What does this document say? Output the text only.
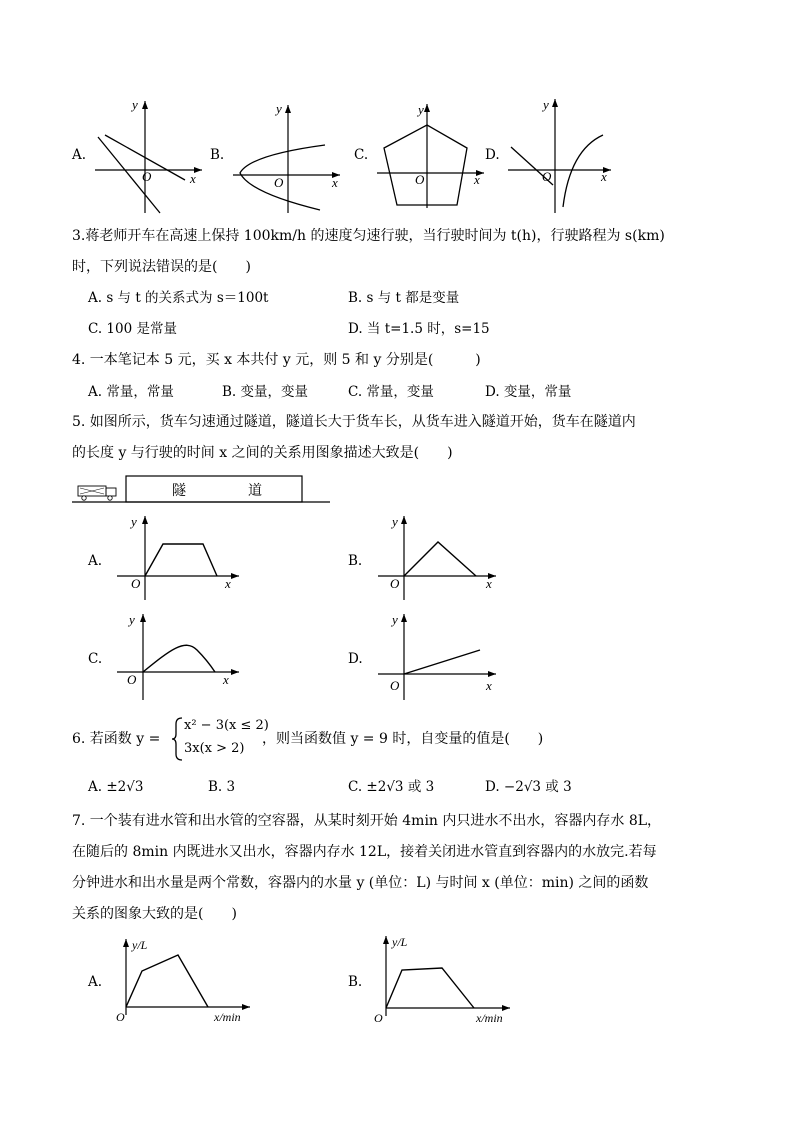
A.
y
x
O
B.
y
x
O
C.
y
x
O
D.
y
x
O
3.蒋老师开车在高速上保持 100km/h 的速度匀速行驶，当行驶时间为 t(h)，行驶路程为 s(km)
时，下列说法错误的是(　　)
A. s 与 t 的关系式为 s＝100t	B. s 与 t 都是变量
C. 100 是常量	D. 当 t=1.5 时，s=15
4. 一本笔记本 5 元，买 x 本共付 y 元，则 5 和 y 分别是(　　　)
A. 常量，常量	B. 变量，变量	C. 常量，变量	D. 变量，常量
5. 如图所示，货车匀速通过隧道，隧道长大于货车长，从货车进入隧道开始，货车在隧道内
的长度 y 与行驶的时间 x 之间的关系用图象描述大致是(　　)
隧	道
A.
y
x
O
B.
y
x
O
C.
y
x
O
D.
y
x
O
6. 若函数 y =
x² − 3(x ≤ 2)
3x(x > 2)
，则当函数值 y = 9 时，自变量的值是(　　)
A. ±2√3	B. 3	C. ±2√3 或 3	D. −2√3 或 3
7. 一个装有进水管和出水管的空容器，从某时刻开始 4min 内只进水不出水，容器内存水 8L，
在随后的 8min 内既进水又出水，容器内存水 12L，接着关闭进水管直到容器内的水放完.若每
分钟进水和出水量是两个常数，容器内的水量 y (单位：L) 与时间 x (单位：min) 之间的函数
关系的图象大致的是(　　)
A.
y/L
x/min
O
B.
y/L
x/min
O
